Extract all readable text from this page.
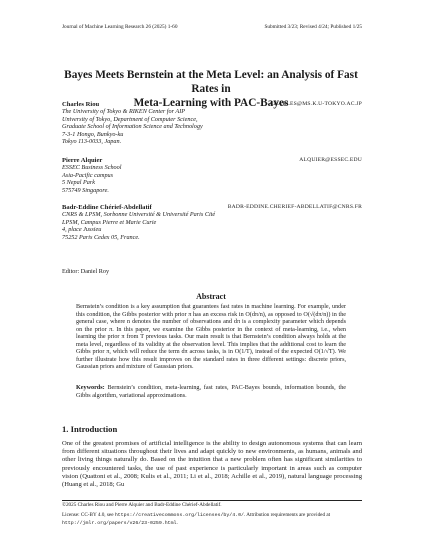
Journal of Machine Learning Research 26 (2025) 1-60	Submitted 3/23; Revised 4/24; Published 1/25
Bayes Meets Bernstein at the Meta Level: an Analysis of Fast Rates in
Meta-Learning with PAC-Bayes
Charles Riou	CHARLES@MS.K.U-TOKYO.AC.JP
The University of Tokyo & RIKEN Center for AIP
University of Tokyo, Department of Computer Science,
Graduate School of Information Science and Technology
7-3-1 Hongo, Bunkyo-ku
Tokyo 113-0033, Japan.
Pierre Alquier	ALQUIER@ESSEC.EDU
ESSEC Business School
Asia-Pacific campus
5 Nepal Park
575749 Singapore.
Badr-Eddine Chérief-Abdellatif	BADR-EDDINE.CHERIEF-ABDELLATIF@CNRS.FR
CNRS & LPSM, Sorbonne Université & Université Paris Cité
LPSM, Campus Pierre et Marie Curie
4, place Jussieu
75252 Paris Cedex 05, France.
Editor: Daniel Roy
Abstract
Bernstein’s condition is a key assumption that guarantees fast rates in machine learning. For example, under this condition, the Gibbs posterior with prior π has an excess risk in O(dπ/n), as opposed to O(√(dπ/n)) in the general case, where n denotes the number of observations and dπ is a complexity parameter which depends on the prior π. In this paper, we examine the Gibbs posterior in the context of meta-learning, i.e., when learning the prior π from T previous tasks. Our main result is that Bernstein’s condition always holds at the meta level, regardless of its validity at the observation level. This implies that the additional cost to learn the Gibbs prior π, which will reduce the term dπ across tasks, is in O(1/T), instead of the expected O(1/√T). We further illustrate how this result improves on the standard rates in three different settings: discrete priors, Gaussian priors and mixture of Gaussian priors.
Keywords: Bernstein’s condition, meta-learning, fast rates, PAC-Bayes bounds, information bounds, the Gibbs algorithm, variational approximations.
1. Introduction
One of the greatest promises of artificial intelligence is the ability to design autonomous systems that can learn from different situations throughout their lives and adapt quickly to new environments, as humans, animals and other living things naturally do. Based on the intuition that a new problem often has significant similarities to previously encountered tasks, the use of past experience is particularly important in areas such as computer vision (Quattoni et al., 2008; Kulis et al., 2011; Li et al., 2018; Achille et al., 2019), natural language processing (Huang et al., 2018; Gu
©2025 Charles Riou and Pierre Alquier and Badr-Eddine Chérief-Abdellatif.
License: CC-BY 4.0, see https://creativecommons.org/licenses/by/4.0/. Attribution requirements are provided at
http://jmlr.org/papers/v26/23-0259.html.
